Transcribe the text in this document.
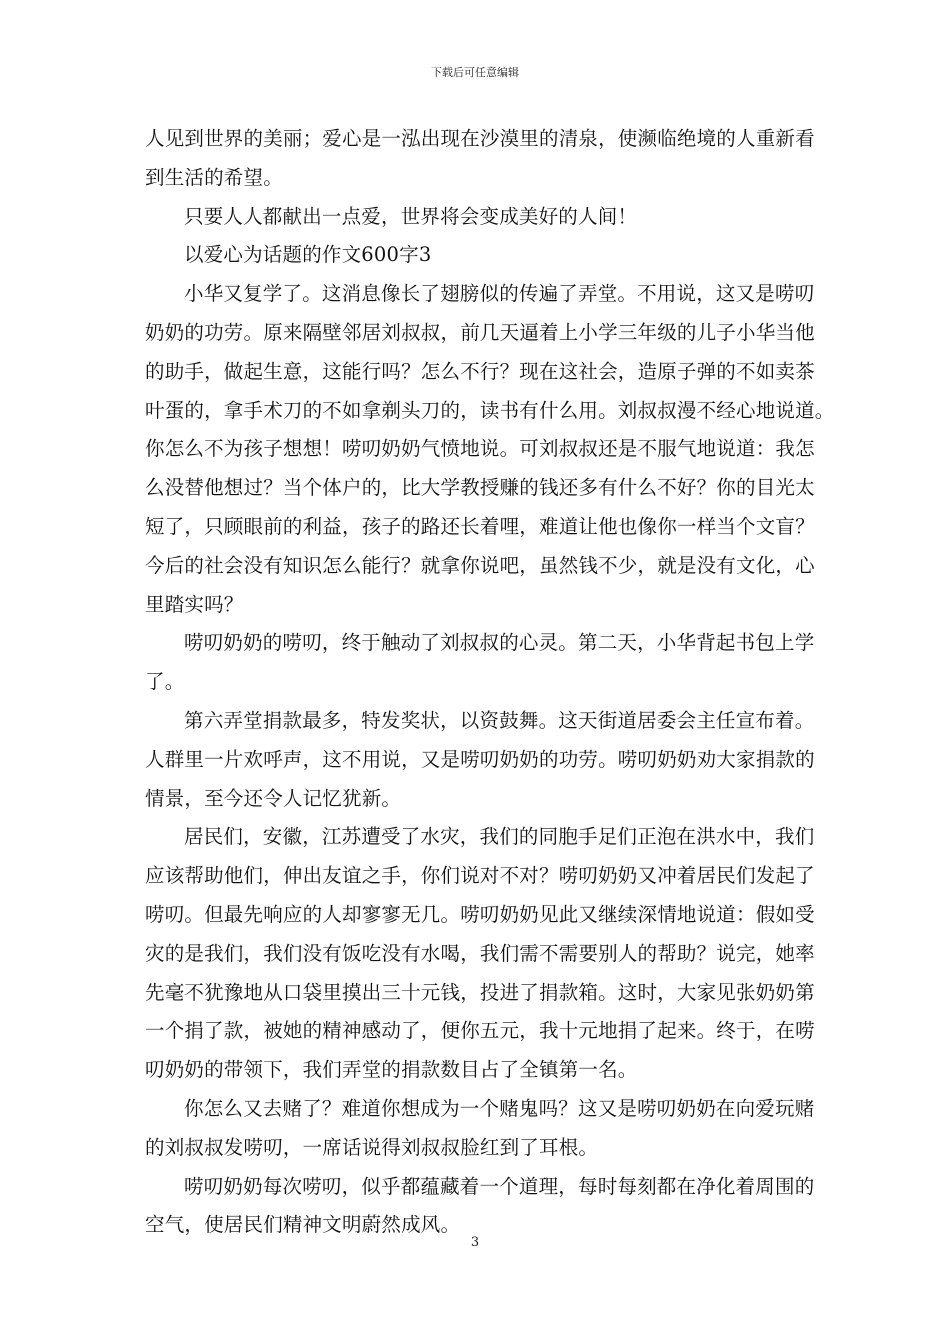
下载后可任意编辑
人见到世界的美丽；爱心是一泓出现在沙漠里的清泉，使濒临绝境的人重新看
到生活的希望。
只要人人都献出一点爱，世界将会变成美好的人间！
以爱心为话题的作文600字3
小华又复学了。这消息像长了翅膀似的传遍了弄堂。不用说，这又是唠叨
奶奶的功劳。原来隔壁邻居刘叔叔，前几天逼着上小学三年级的儿子小华当他
的助手，做起生意，这能行吗？怎么不行？现在这社会，造原子弹的不如卖茶
叶蛋的，拿手术刀的不如拿剃头刀的，读书有什么用。刘叔叔漫不经心地说道。
你怎么不为孩子想想！唠叨奶奶气愤地说。可刘叔叔还是不服气地说道：我怎
么没替他想过？当个体户的，比大学教授赚的钱还多有什么不好？你的目光太
短了，只顾眼前的利益，孩子的路还长着哩，难道让他也像你一样当个文盲？
今后的社会没有知识怎么能行？就拿你说吧，虽然钱不少，就是没有文化，心
里踏实吗？
唠叨奶奶的唠叨，终于触动了刘叔叔的心灵。第二天，小华背起书包上学
了。
第六弄堂捐款最多，特发奖状，以资鼓舞。这天街道居委会主任宣布着。
人群里一片欢呼声，这不用说，又是唠叨奶奶的功劳。唠叨奶奶劝大家捐款的
情景，至今还令人记忆犹新。
居民们，安徽，江苏遭受了水灾，我们的同胞手足们正泡在洪水中，我们
应该帮助他们，伸出友谊之手，你们说对不对？唠叨奶奶又冲着居民们发起了
唠叨。但最先响应的人却寥寥无几。唠叨奶奶见此又继续深情地说道：假如受
灾的是我们，我们没有饭吃没有水喝，我们需不需要别人的帮助？说完，她率
先毫不犹豫地从口袋里摸出三十元钱，投进了捐款箱。这时，大家见张奶奶第
一个捐了款，被她的精神感动了，便你五元，我十元地捐了起来。终于，在唠
叨奶奶的带领下，我们弄堂的捐款数目占了全镇第一名。
你怎么又去赌了？难道你想成为一个赌鬼吗？这又是唠叨奶奶在向爱玩赌
的刘叔叔发唠叨，一席话说得刘叔叔脸红到了耳根。
唠叨奶奶每次唠叨，似乎都蕴藏着一个道理，每时每刻都在净化着周围的
空气，使居民们精神文明蔚然成风。
3
